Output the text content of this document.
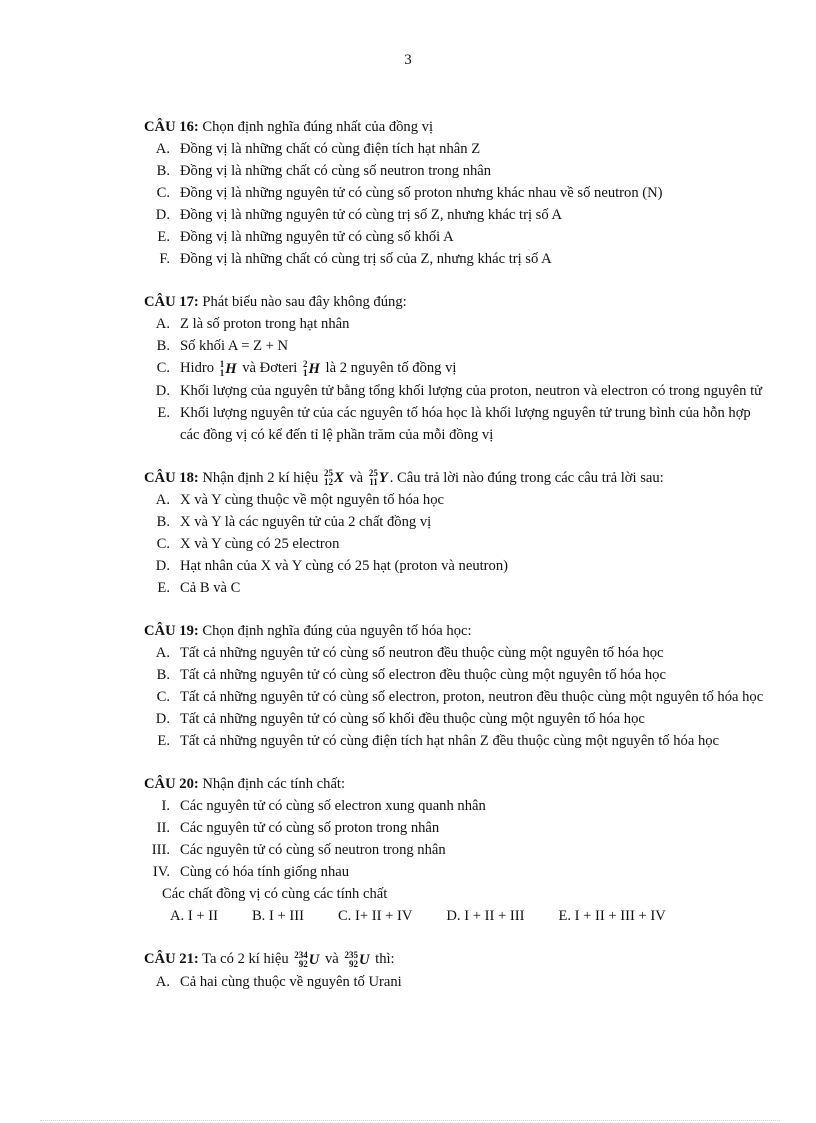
3
CÂU 16: Chọn định nghĩa đúng nhất của đồng vị
A. Đồng vị là những chất có cùng điện tích hạt nhân Z
B. Đồng vị là những chất có cùng số neutron trong nhân
C. Đồng vị là những nguyên tử có cùng số proton nhưng khác nhau về số neutron (N)
D. Đồng vị là những nguyên tử có cùng trị số Z, nhưng khác trị số A
E. Đồng vị là những nguyên tử có cùng số khối A
F. Đồng vị là những chất có cùng trị số của Z, nhưng khác trị số A
CÂU 17: Phát biểu nào sau đây không đúng:
A. Z là số proton trong hạt nhân
B. Số khối A = Z + N
C. Hidro 1
1 H và Đơteri 2
1 H là 2 nguyên tố đồng vị
D. Khối lượng của nguyên tử bằng tổng khối lượng của proton, neutron và electron có trong nguyên tử
E. Khối lượng nguyên tử của các nguyên tố hóa học là khối lượng nguyên tử trung bình của hỗn hợp các đồng vị có kể đến tỉ lệ phần trăm của mỗi đồng vị
CÂU 18: Nhận định 2 kí hiệu 25
12 X và 25
11 Y . Câu trả lời nào đúng trong các câu trả lời sau:
A. X và Y cùng thuộc về một nguyên tố hóa học
B. X và Y là các nguyên tử của 2 chất đồng vị
C. X và Y cùng có 25 electron
D. Hạt nhân của X và Y cùng có 25 hạt (proton và neutron)
E. Cả B và C
CÂU 19: Chọn định nghĩa đúng của nguyên tố hóa học:
A. Tất cả những nguyên tử có cùng số neutron đều thuộc cùng một nguyên tố hóa học
B. Tất cả những nguyên tử có cùng số electron đều thuộc cùng một nguyên tố hóa học
C. Tất cả những nguyên tử có cùng số electron, proton, neutron đều thuộc cùng một nguyên tố hóa học
D. Tất cả những nguyên tử có cùng số khối đều thuộc cùng một nguyên tố hóa học
E. Tất cả những nguyên tử có cùng điện tích hạt nhân Z đều thuộc cùng một nguyên tố hóa học
CÂU 20: Nhận định các tính chất:
I. Các nguyên tử có cùng số electron xung quanh nhân
II. Các nguyên tử có cùng số proton trong nhân
III. Các nguyên tử có cùng số neutron trong nhân
IV. Cùng có hóa tính giống nhau
Các chất đồng vị có cùng các tính chất
A. I + II B. I + III C. I+ II + IV D. I + II + III E. I + II + III + IV
CÂU 21: Ta có 2 kí hiệu 234
92 U và 235
92 U thì:
A. Cả hai cùng thuộc về nguyên tố Urani
